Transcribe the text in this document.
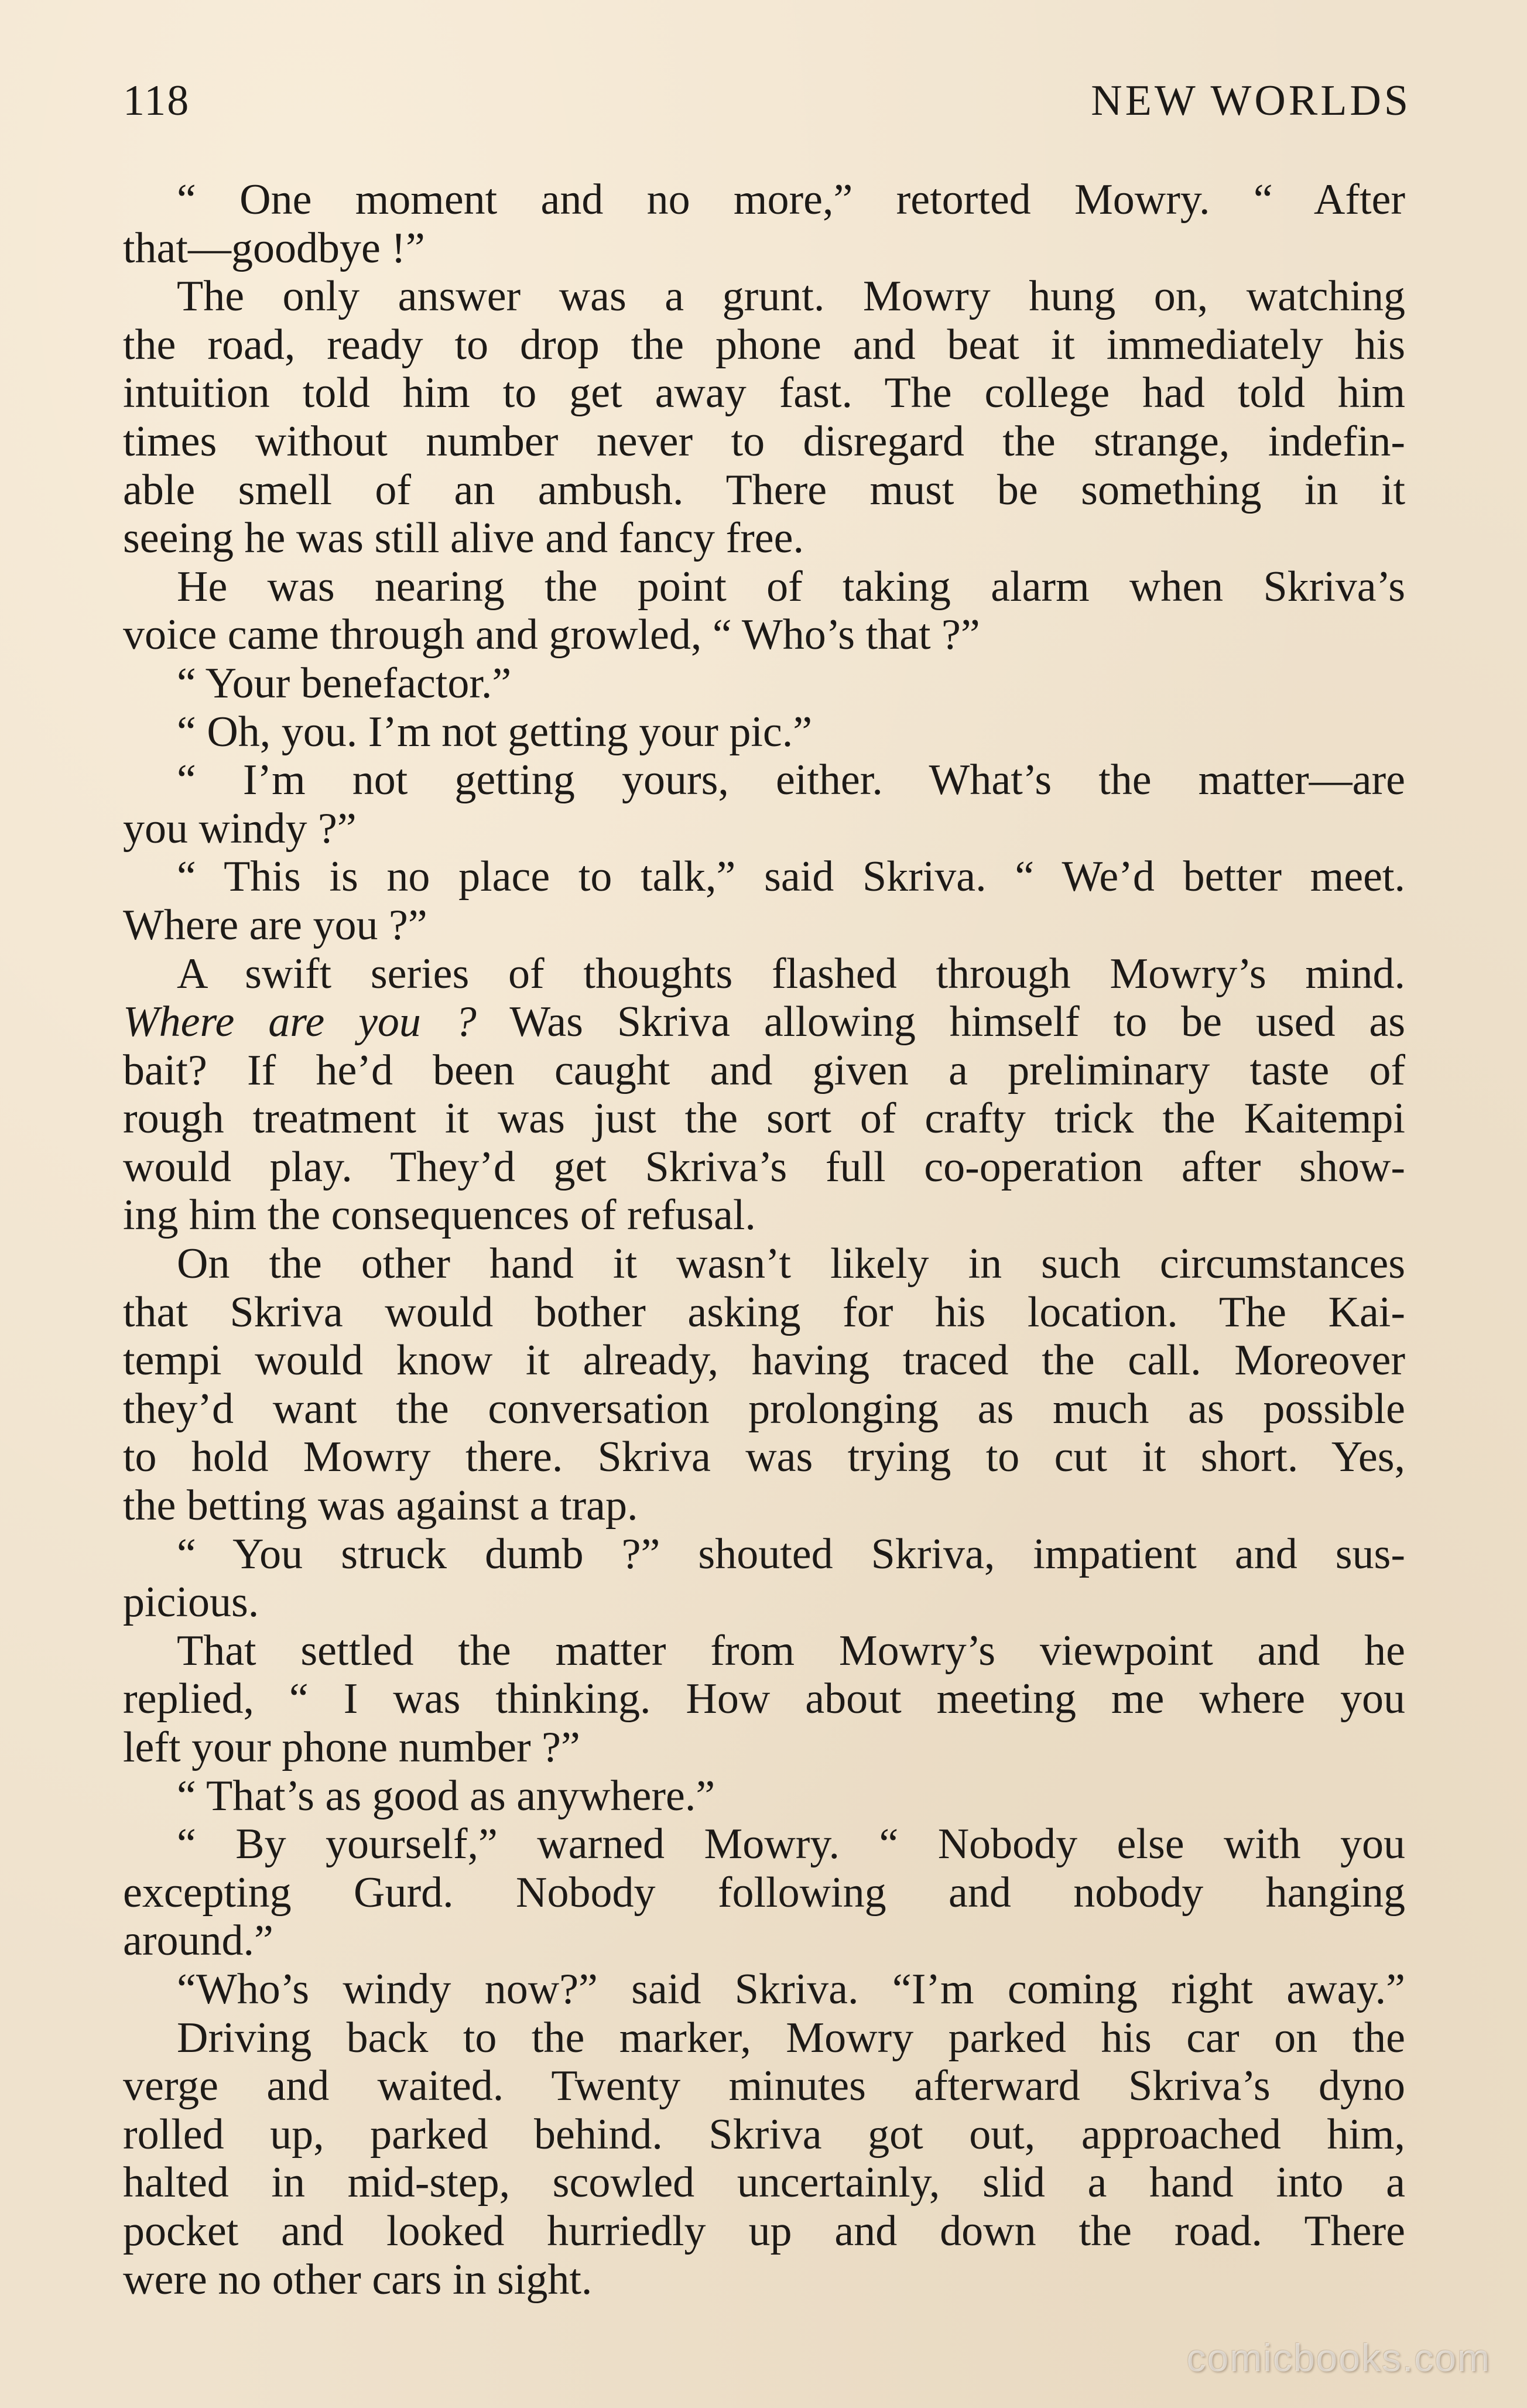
118	NEW WORLDS
“ One moment and no more,” retorted Mowry. “ After
that—goodbye !”
The only answer was a grunt. Mowry hung on, watching
the road, ready to drop the phone and beat it immediately his
intuition told him to get away fast. The college had told him
times without number never to disregard the strange, indefin-
able smell of an ambush. There must be something in it
seeing he was still alive and fancy free.
He was nearing the point of taking alarm when Skriva’s
voice came through and growled, “ Who’s that ?”
“ Your benefactor.”
“ Oh, you. I’m not getting your pic.”
“ I’m not getting yours, either. What’s the matter—are
you windy ?”
“ This is no place to talk,” said Skriva. “ We’d better meet.
Where are you ?”
A swift series of thoughts flashed through Mowry’s mind.
Where are you ? Was Skriva allowing himself to be used as
bait? If he’d been caught and given a preliminary taste of
rough treatment it was just the sort of crafty trick the Kaitempi
would play. They’d get Skriva’s full co-operation after show-
ing him the consequences of refusal.
On the other hand it wasn’t likely in such circumstances
that Skriva would bother asking for his location. The Kai-
tempi would know it already, having traced the call. Moreover
they’d want the conversation prolonging as much as possible
to hold Mowry there. Skriva was trying to cut it short. Yes,
the betting was against a trap.
“ You struck dumb ?” shouted Skriva, impatient and sus-
picious.
That settled the matter from Mowry’s viewpoint and he
replied, “ I was thinking. How about meeting me where you
left your phone number ?”
“ That’s as good as anywhere.”
“ By yourself,” warned Mowry. “ Nobody else with you
excepting Gurd. Nobody following and nobody hanging
around.”
“Who’s windy now?” said Skriva. “I’m coming right away.”
Driving back to the marker, Mowry parked his car on the
verge and waited. Twenty minutes afterward Skriva’s dyno
rolled up, parked behind. Skriva got out, approached him,
halted in mid-step, scowled uncertainly, slid a hand into a
pocket and looked hurriedly up and down the road. There
were no other cars in sight.
comicbooks.com
